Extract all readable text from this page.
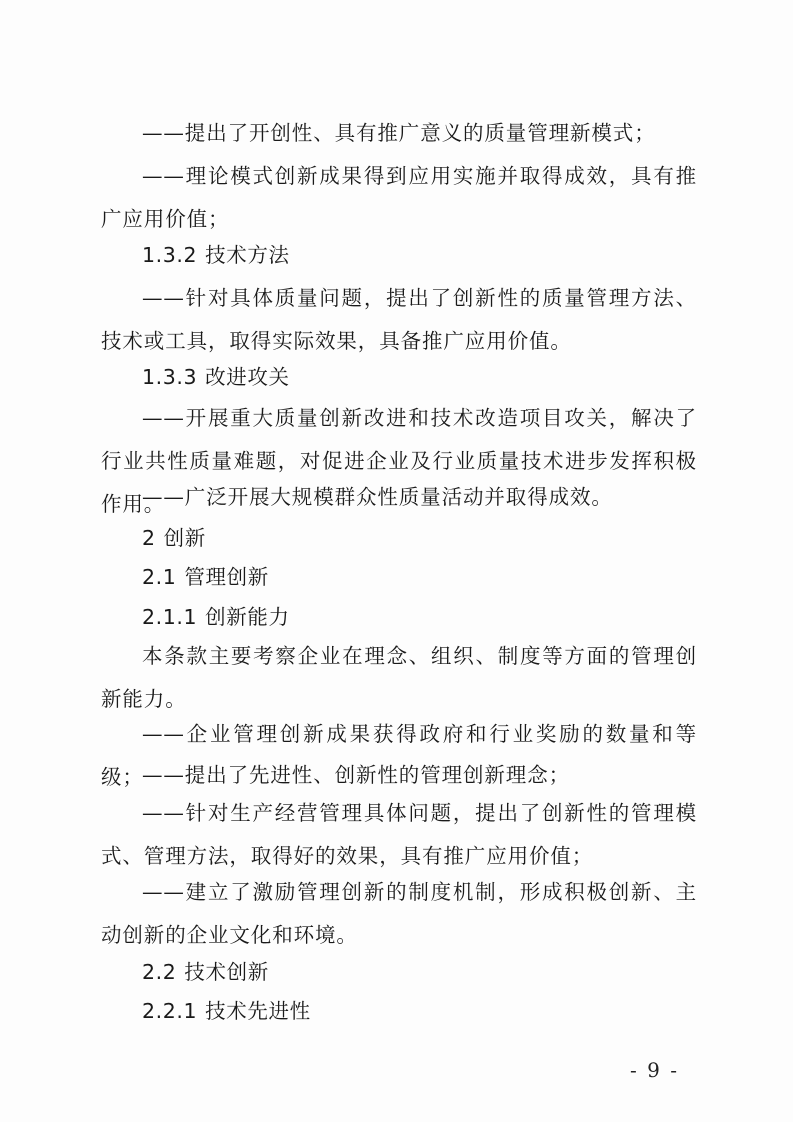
——提出了开创性、具有推广意义的质量管理新模式；

——理论模式创新成果得到应用实施并取得成效，具有推广应用价值；

1.3.2 技术方法

——针对具体质量问题，提出了创新性的质量管理方法、技术或工具，取得实际效果，具备推广应用价值。

1.3.3 改进攻关

——开展重大质量创新改进和技术改造项目攻关，解决了行业共性质量难题，对促进企业及行业质量技术进步发挥积极作用。

——广泛开展大规模群众性质量活动并取得成效。

2 创新
2.1 管理创新
2.1.1 创新能力

本条款主要考察企业在理念、组织、制度等方面的管理创新能力。

——企业管理创新成果获得政府和行业奖励的数量和等级；

——提出了先进性、创新性的管理创新理念；

——针对生产经营管理具体问题，提出了创新性的管理模式、管理方法，取得好的效果，具有推广应用价值；

——建立了激励管理创新的制度机制，形成积极创新、主动创新的企业文化和环境。

2.2 技术创新
2.2.1 技术先进性
- 9 -
